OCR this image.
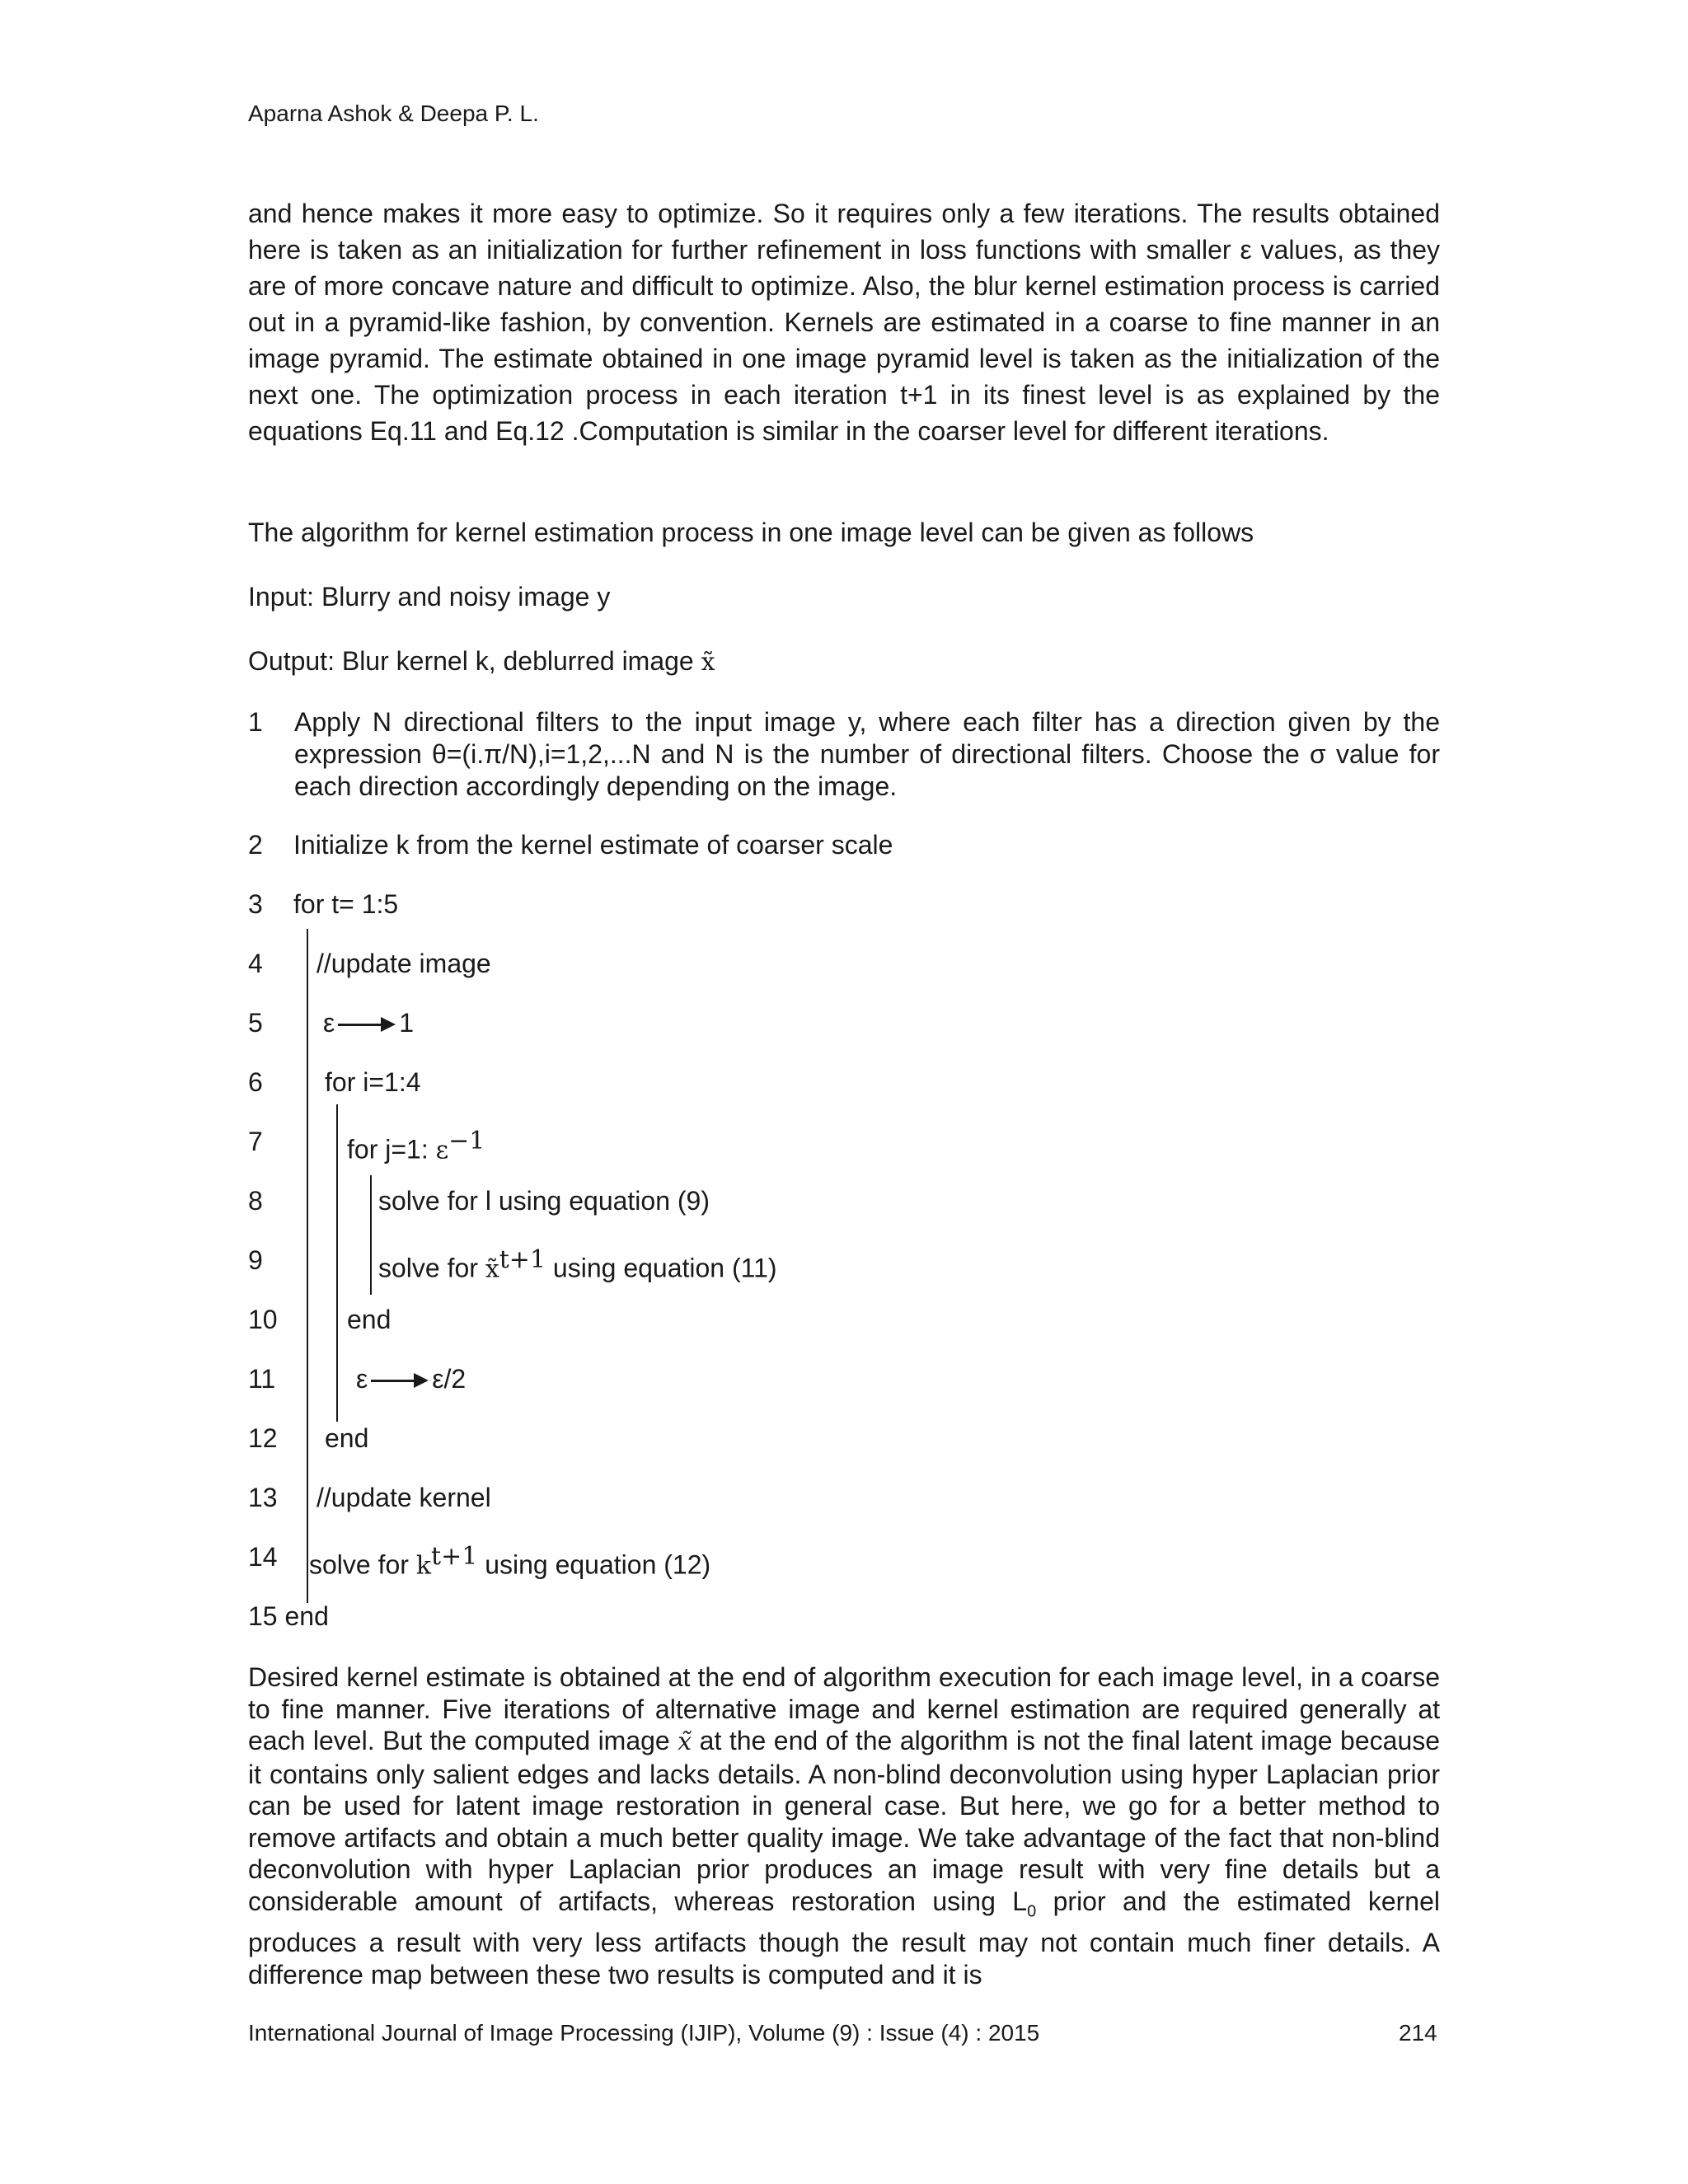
Aparna Ashok & Deepa P. L.
and hence makes it more easy to optimize. So it requires only a few iterations. The results obtained here is taken as an initialization for further refinement in loss functions with smaller ε values, as they are of more concave nature and difficult to optimize. Also, the blur kernel estimation process is carried out in a pyramid-like fashion, by convention. Kernels are estimated in a coarse to fine manner in an image pyramid. The estimate obtained in one image pyramid level is taken as the initialization of the next one. The optimization process in each iteration t+1 in its finest level is as explained by the equations Eq.11 and Eq.12 .Computation is similar in the coarser level for different iterations.
The algorithm for kernel estimation process in one image level can be given as follows
Input: Blurry and noisy image y
Output: Blur kernel k, deblurred image x̃
1	Apply N directional filters to the input image y, where each filter has a direction given by the expression θ=(i.π/N),i=1,2,...N and N is the number of directional filters. Choose the σ value for each direction accordingly depending on the image.
2 Initialize k from the kernel estimate of coarser scale
3 for t= 1:5
4 //update image
5 ε 1
6 for i=1:4
7	for j=1: $\varepsilon^{-1}$
8	solve for l using equation (9)
9	solve for x̃$^{t+1}$ using equation (11)
10	end
11	ε ε/2
12 end
13 //update kernel
14 solve for $k^{t+1}$ using equation (12)
15 end
Desired kernel estimate is obtained at the end of algorithm execution for each image level, in a coarse to fine manner. Five iterations of alternative image and kernel estimation are required generally at each level. But the computed image x̃ at the end of the algorithm is not the final latent image because it contains only salient edges and lacks details. A non-blind deconvolution using hyper Laplacian prior can be used for latent image restoration in general case. But here, we go for a better method to remove artifacts and obtain a much better quality image. We take advantage of the fact that non-blind deconvolution with hyper Laplacian prior produces an image result with very fine details but a considerable amount of artifacts, whereas restoration using $L_0$ prior and the estimated kernel produces a result with very less artifacts though the result may not contain much finer details. A difference map between these two results is computed and it is
International Journal of Image Processing (IJIP), Volume (9) : Issue (4) : 2015	214
